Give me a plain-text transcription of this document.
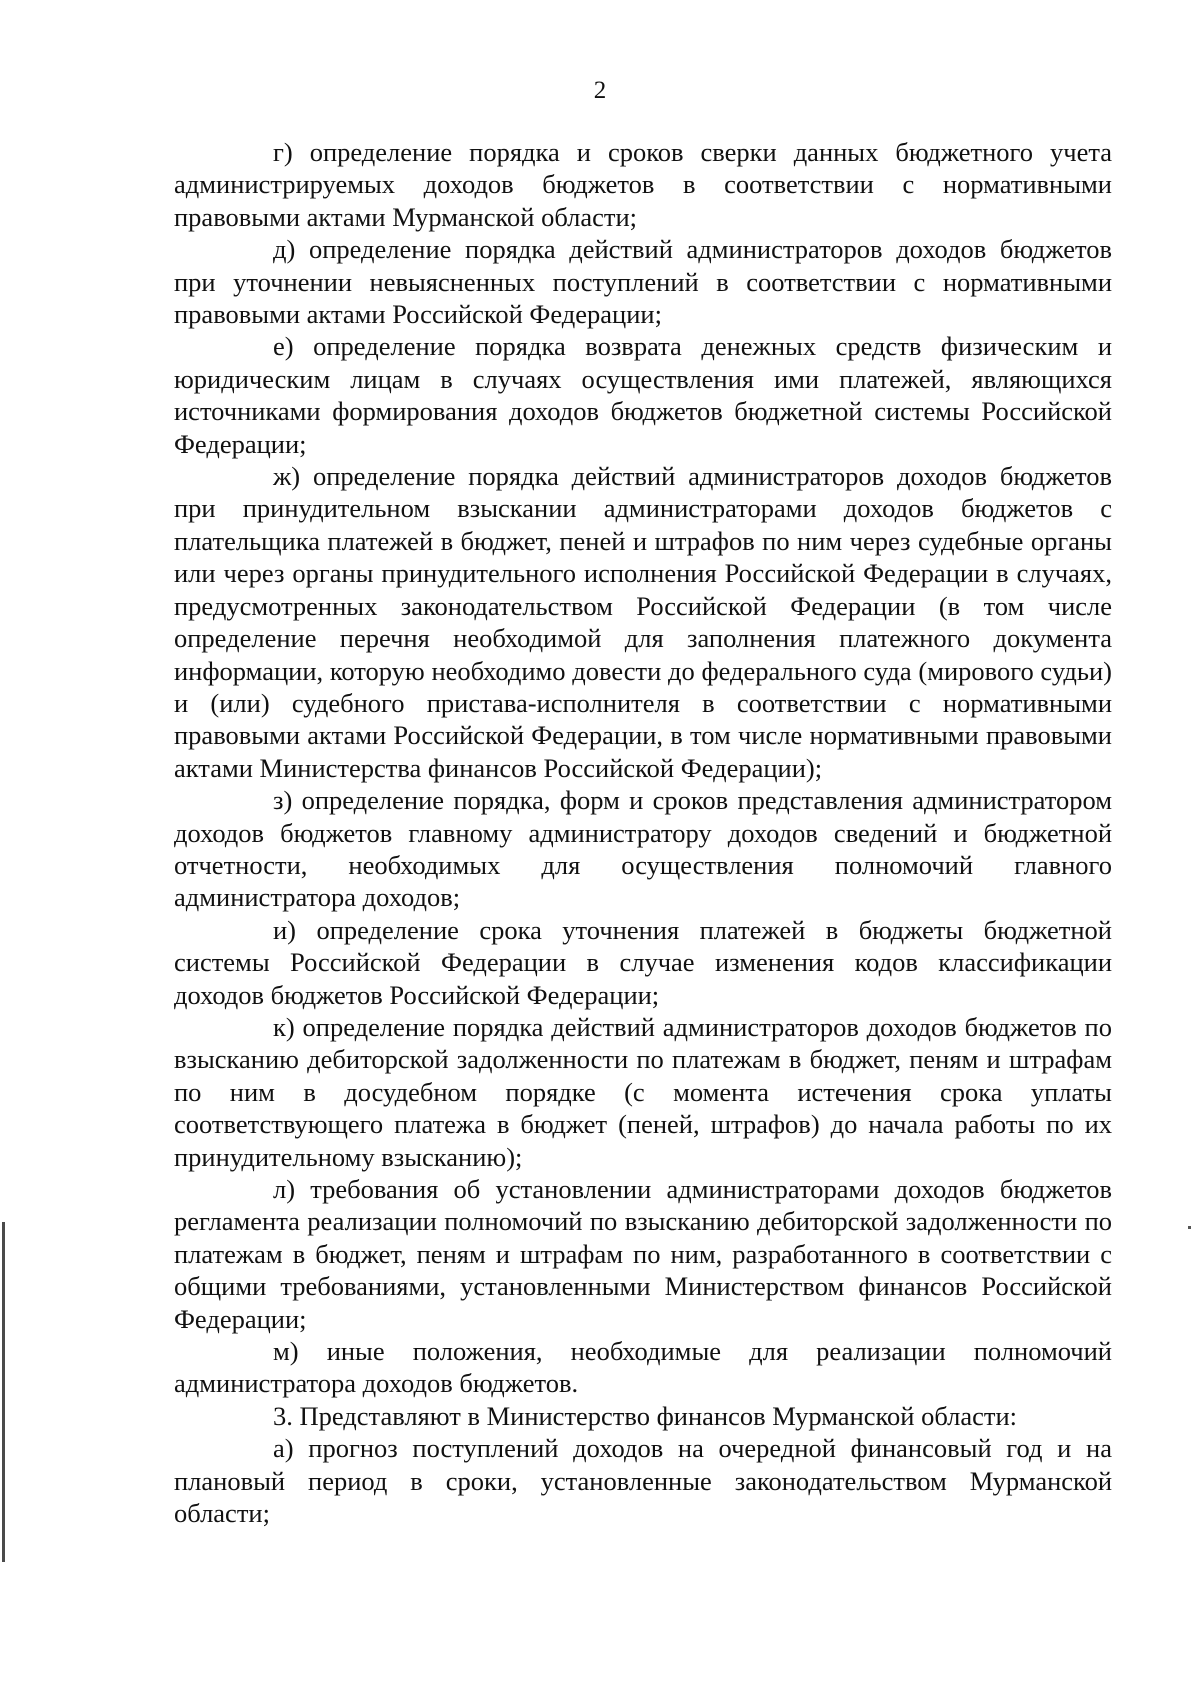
2

г) определение порядка и сроков сверки данных бюджетного учета администрируемых доходов бюджетов в соответствии с нормативными правовыми актами Мурманской области;

д) определение порядка действий администраторов доходов бюджетов при уточнении невыясненных поступлений в соответствии с нормативными правовыми актами Российской Федерации;

е) определение порядка возврата денежных средств физическим и юридическим лицам в случаях осуществления ими платежей, являющихся источниками формирования доходов бюджетов бюджетной системы Российской Федерации;

ж) определение порядка действий администраторов доходов бюджетов при принудительном взыскании администраторами доходов бюджетов с плательщика платежей в бюджет, пеней и штрафов по ним через судебные органы или через органы принудительного исполнения Российской Федерации в случаях, предусмотренных законодательством Российской Федерации (в том числе определение перечня необходимой для заполнения платежного документа информации, которую необходимо довести до федерального суда (мирового судьи) и (или) судебного пристава-исполнителя в соответствии с нормативными правовыми актами Российской Федерации, в том числе нормативными правовыми актами Министерства финансов Российской Федерации);

з) определение порядка, форм и сроков представления администратором доходов бюджетов главному администратору доходов сведений и бюджетной отчетности, необходимых для осуществления полномочий главного администратора доходов;

и) определение срока уточнения платежей в бюджеты бюджетной системы Российской Федерации в случае изменения кодов классификации доходов бюджетов Российской Федерации;

к) определение порядка действий администраторов доходов бюджетов по взысканию дебиторской задолженности по платежам в бюджет, пеням и штрафам по ним в досудебном порядке (с момента истечения срока уплаты соответствующего платежа в бюджет (пеней, штрафов) до начала работы по их принудительному взысканию);

л) требования об установлении администраторами доходов бюджетов регламента реализации полномочий по взысканию дебиторской задолженности по платежам в бюджет, пеням и штрафам по ним, разработанного в соответствии с общими требованиями, установленными Министерством финансов Российской Федерации;

м) иные положения, необходимые для реализации полномочий администратора доходов бюджетов.

3. Представляют в Министерство финансов Мурманской области:

а) прогноз поступлений доходов на очередной финансовый год и на плановый период в сроки, установленные законодательством Мурманской области;
